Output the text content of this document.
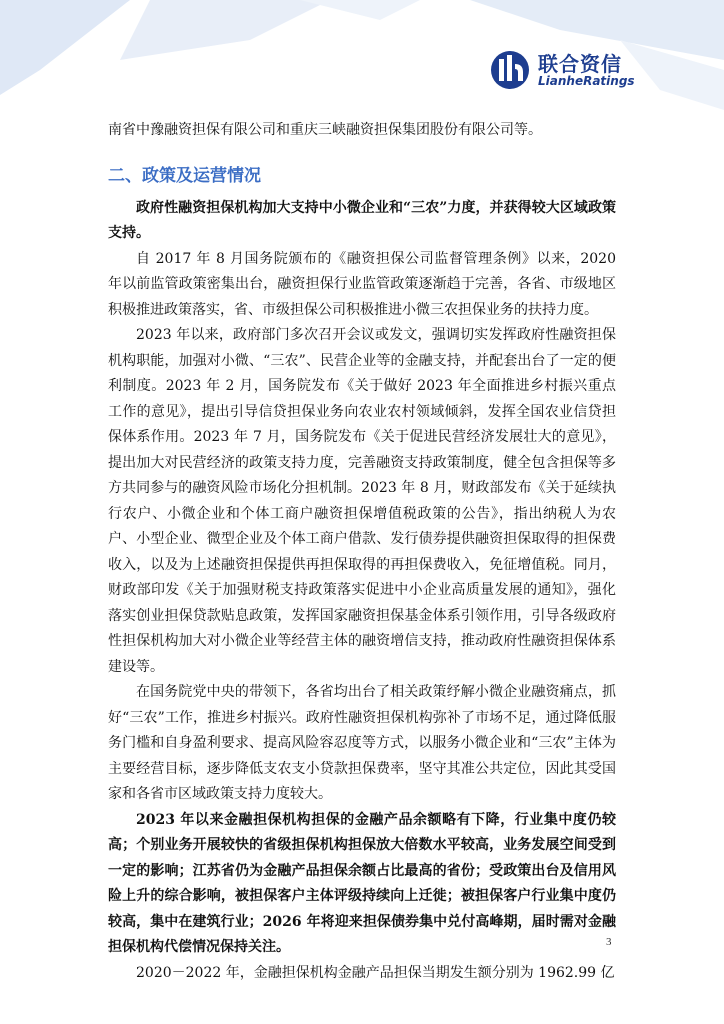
联合资信
LianheRatings

南省中豫融资担保有限公司和重庆三峡融资担保集团股份有限公司等。

二、政策及运营情况

政府性融资担保机构加大支持中小微企业和“三农”力度，并获得较大区域政策支持。

自 2017 年 8 月国务院颁布的《融资担保公司监督管理条例》以来，2020 年以前监管政策密集出台，融资担保行业监管政策逐渐趋于完善，各省、市级地区积极推进政策落实，省、市级担保公司积极推进小微三农担保业务的扶持力度。

2023 年以来，政府部门多次召开会议或发文，强调切实发挥政府性融资担保机构职能，加强对小微、“三农”、民营企业等的金融支持，并配套出台了一定的便利制度。2023 年 2 月，国务院发布《关于做好 2023 年全面推进乡村振兴重点工作的意见》，提出引导信贷担保业务向农业农村领域倾斜，发挥全国农业信贷担保体系作用。2023 年 7 月，国务院发布《关于促进民营经济发展壮大的意见》，提出加大对民营经济的政策支持力度，完善融资支持政策制度，健全包含担保等多方共同参与的融资风险市场化分担机制。2023 年 8 月，财政部发布《关于延续执行农户、小微企业和个体工商户融资担保增值税政策的公告》，指出纳税人为农户、小型企业、微型企业及个体工商户借款、发行债券提供融资担保取得的担保费收入，以及为上述融资担保提供再担保取得的再担保费收入，免征增值税。同月，财政部印发《关于加强财税支持政策落实促进中小企业高质量发展的通知》，强化落实创业担保贷款贴息政策，发挥国家融资担保基金体系引领作用，引导各级政府性担保机构加大对小微企业等经营主体的融资增信支持，推动政府性融资担保体系建设等。

在国务院党中央的带领下，各省均出台了相关政策纾解小微企业融资痛点，抓好“三农”工作，推进乡村振兴。政府性融资担保机构弥补了市场不足，通过降低服务门槛和自身盈利要求、提高风险容忍度等方式，以服务小微企业和“三农”主体为主要经营目标，逐步降低支农支小贷款担保费率，坚守其准公共定位，因此其受国家和各省市区域政策支持力度较大。

2023 年以来金融担保机构担保的金融产品余额略有下降，行业集中度仍较高；个别业务开展较快的省级担保机构担保放大倍数水平较高，业务发展空间受到一定的影响；江苏省仍为金融产品担保余额占比最高的省份；受政策出台及信用风险上升的综合影响，被担保客户主体评级持续向上迁徙；被担保客户行业集中度仍较高，集中在建筑行业；2026 年将迎来担保债券集中兑付高峰期，届时需对金融担保机构代偿情况保持关注。

2020－2022 年，金融担保机构金融产品担保当期发生额分别为 1962.99 亿

3
